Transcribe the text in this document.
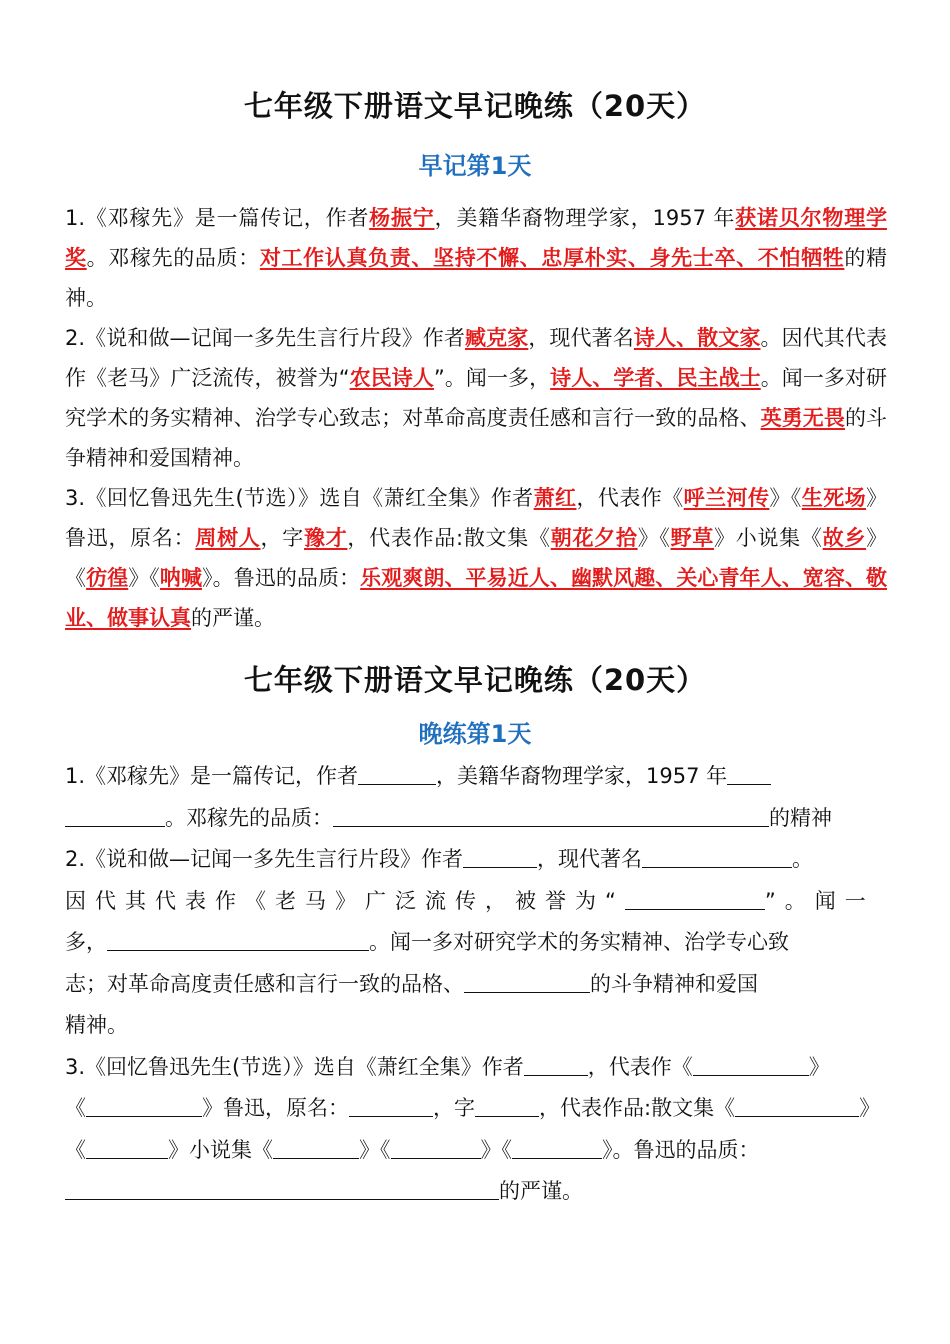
七年级下册语文早记晚练（20天）
早记第1天
1.《邓稼先》是一篇传记，作者杨振宁，美籍华裔物理学家，1957 年获诺贝尔物理学奖。邓稼先的品质：对工作认真负责、坚持不懈、忠厚朴实、身先士卒、不怕牺牲的精神。
2.《说和做—记闻一多先生言行片段》作者臧克家，现代著名诗人、散文家。因代其代表作《老马》广泛流传，被誉为“农民诗人”。闻一多，诗人、学者、民主战士。闻一多对研究学术的务实精神、治学专心致志；对革命高度责任感和言行一致的品格、英勇无畏的斗争精神和爱国精神。
3.《回忆鲁迅先生(节选）》选自《萧红全集》作者萧红，代表作《呼兰河传》《生死场》鲁迅，原名：周树人，字豫才，代表作品:散文集《朝花夕拾》《野草》小说集《故乡》《彷徨》《呐喊》。鲁迅的品质：乐观爽朗、平易近人、幽默风趣、关心青年人、宽容、敬业、做事认真的严谨。
七年级下册语文早记晚练（20天）
晚练第1天
1.《邓稼先》是一篇传记，作者	，美籍华裔物理学家，1957 年
。邓稼先的品质：	的精神
2.《说和做—记闻一多先生言行片段》作者	，现代著名	。
因代其代表作《老马》广泛流传，被誉为“	”。闻一
多，	。闻一多对研究学术的务实精神、治学专心致
志；对革命高度责任感和言行一致的品格、	的斗争精神和爱国
精神。
3.《回忆鲁迅先生(节选）》选自《萧红全集》作者	，代表作《	》
《	》鲁迅，原名：	，字	，代表作品:散文集《	》
《	》小说集《	》《	》《	》。鲁迅的品质：
的严谨。
